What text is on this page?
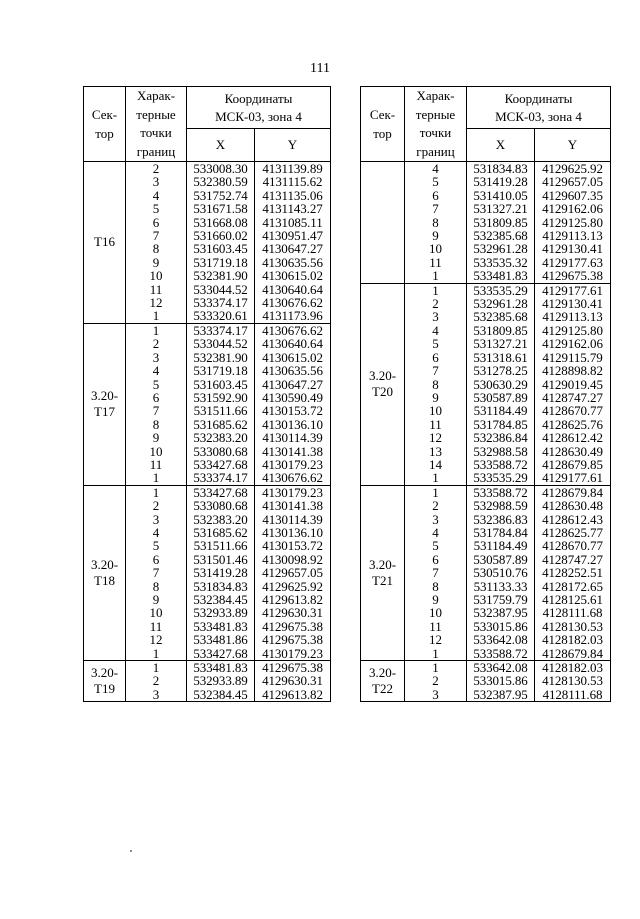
111
Сек-
тор	Харак-
терные
точки
границ	Координаты
МСК-03, зона 4	
		X	Y
Т16	2	533008.30	4131139.89
	3	532380.59	4131115.62
	4	531752.74	4131135.06
	5	531671.58	4131143.27
	6	531668.08	4131085.11
	7	531660.02	4130951.47
	8	531603.45	4130647.27
	9	531719.18	4130635.56
	10	532381.90	4130615.02
	11	533044.52	4130640.64
	12	533374.17	4130676.62
	1	533320.61	4131173.96
3.20-
Т17	1	533374.17	4130676.62
	2	533044.52	4130640.64
	3	532381.90	4130615.02
	4	531719.18	4130635.56
	5	531603.45	4130647.27
	6	531592.90	4130590.49
	7	531511.66	4130153.72
	8	531685.62	4130136.10
	9	532383.20	4130114.39
	10	533080.68	4130141.38
	11	533427.68	4130179.23
	1	533374.17	4130676.62
3.20-
Т18	1	533427.68	4130179.23
	2	533080.68	4130141.38
	3	532383.20	4130114.39
	4	531685.62	4130136.10
	5	531511.66	4130153.72
	6	531501.46	4130098.92
	7	531419.28	4129657.05
	8	531834.83	4129625.92
	9	532384.45	4129613.82
	10	532933.89	4129630.31
	11	533481.83	4129675.38
	12	533481.86	4129675.38
	1	533427.68	4130179.23
3.20-
Т19	1	533481.83	4129675.38
	2	532933.89	4129630.31
	3	532384.45	4129613.82
Сек-
тор	Харак-
терные
точки
границ	Координаты
МСК-03, зона 4	
		X	Y
	4	531834.83	4129625.92
	5	531419.28	4129657.05
	6	531410.05	4129607.35
	7	531327.21	4129162.06
	8	531809.85	4129125.80
	9	532385.68	4129113.13
	10	532961.28	4129130.41
	11	533535.32	4129177.63
	1	533481.83	4129675.38
3.20-
Т20	1	533535.29	4129177.61
	2	532961.28	4129130.41
	3	532385.68	4129113.13
	4	531809.85	4129125.80
	5	531327.21	4129162.06
	6	531318.61	4129115.79
	7	531278.25	4128898.82
	8	530630.29	4129019.45
	9	530587.89	4128747.27
	10	531184.49	4128670.77
	11	531784.85	4128625.76
	12	532386.84	4128612.42
	13	532988.58	4128630.49
	14	533588.72	4128679.85
	1	533535.29	4129177.61
3.20-
Т21	1	533588.72	4128679.84
	2	532988.59	4128630.48
	3	532386.83	4128612.43
	4	531784.84	4128625.77
	5	531184.49	4128670.77
	6	530587.89	4128747.27
	7	530510.76	4128252.51
	8	531133.33	4128172.65
	9	531759.79	4128125.61
	10	532387.95	4128111.68
	11	533015.86	4128130.53
	12	533642.08	4128182.03
	1	533588.72	4128679.84
3.20-
Т22	1	533642.08	4128182.03
	2	533015.86	4128130.53
	3	532387.95	4128111.68
